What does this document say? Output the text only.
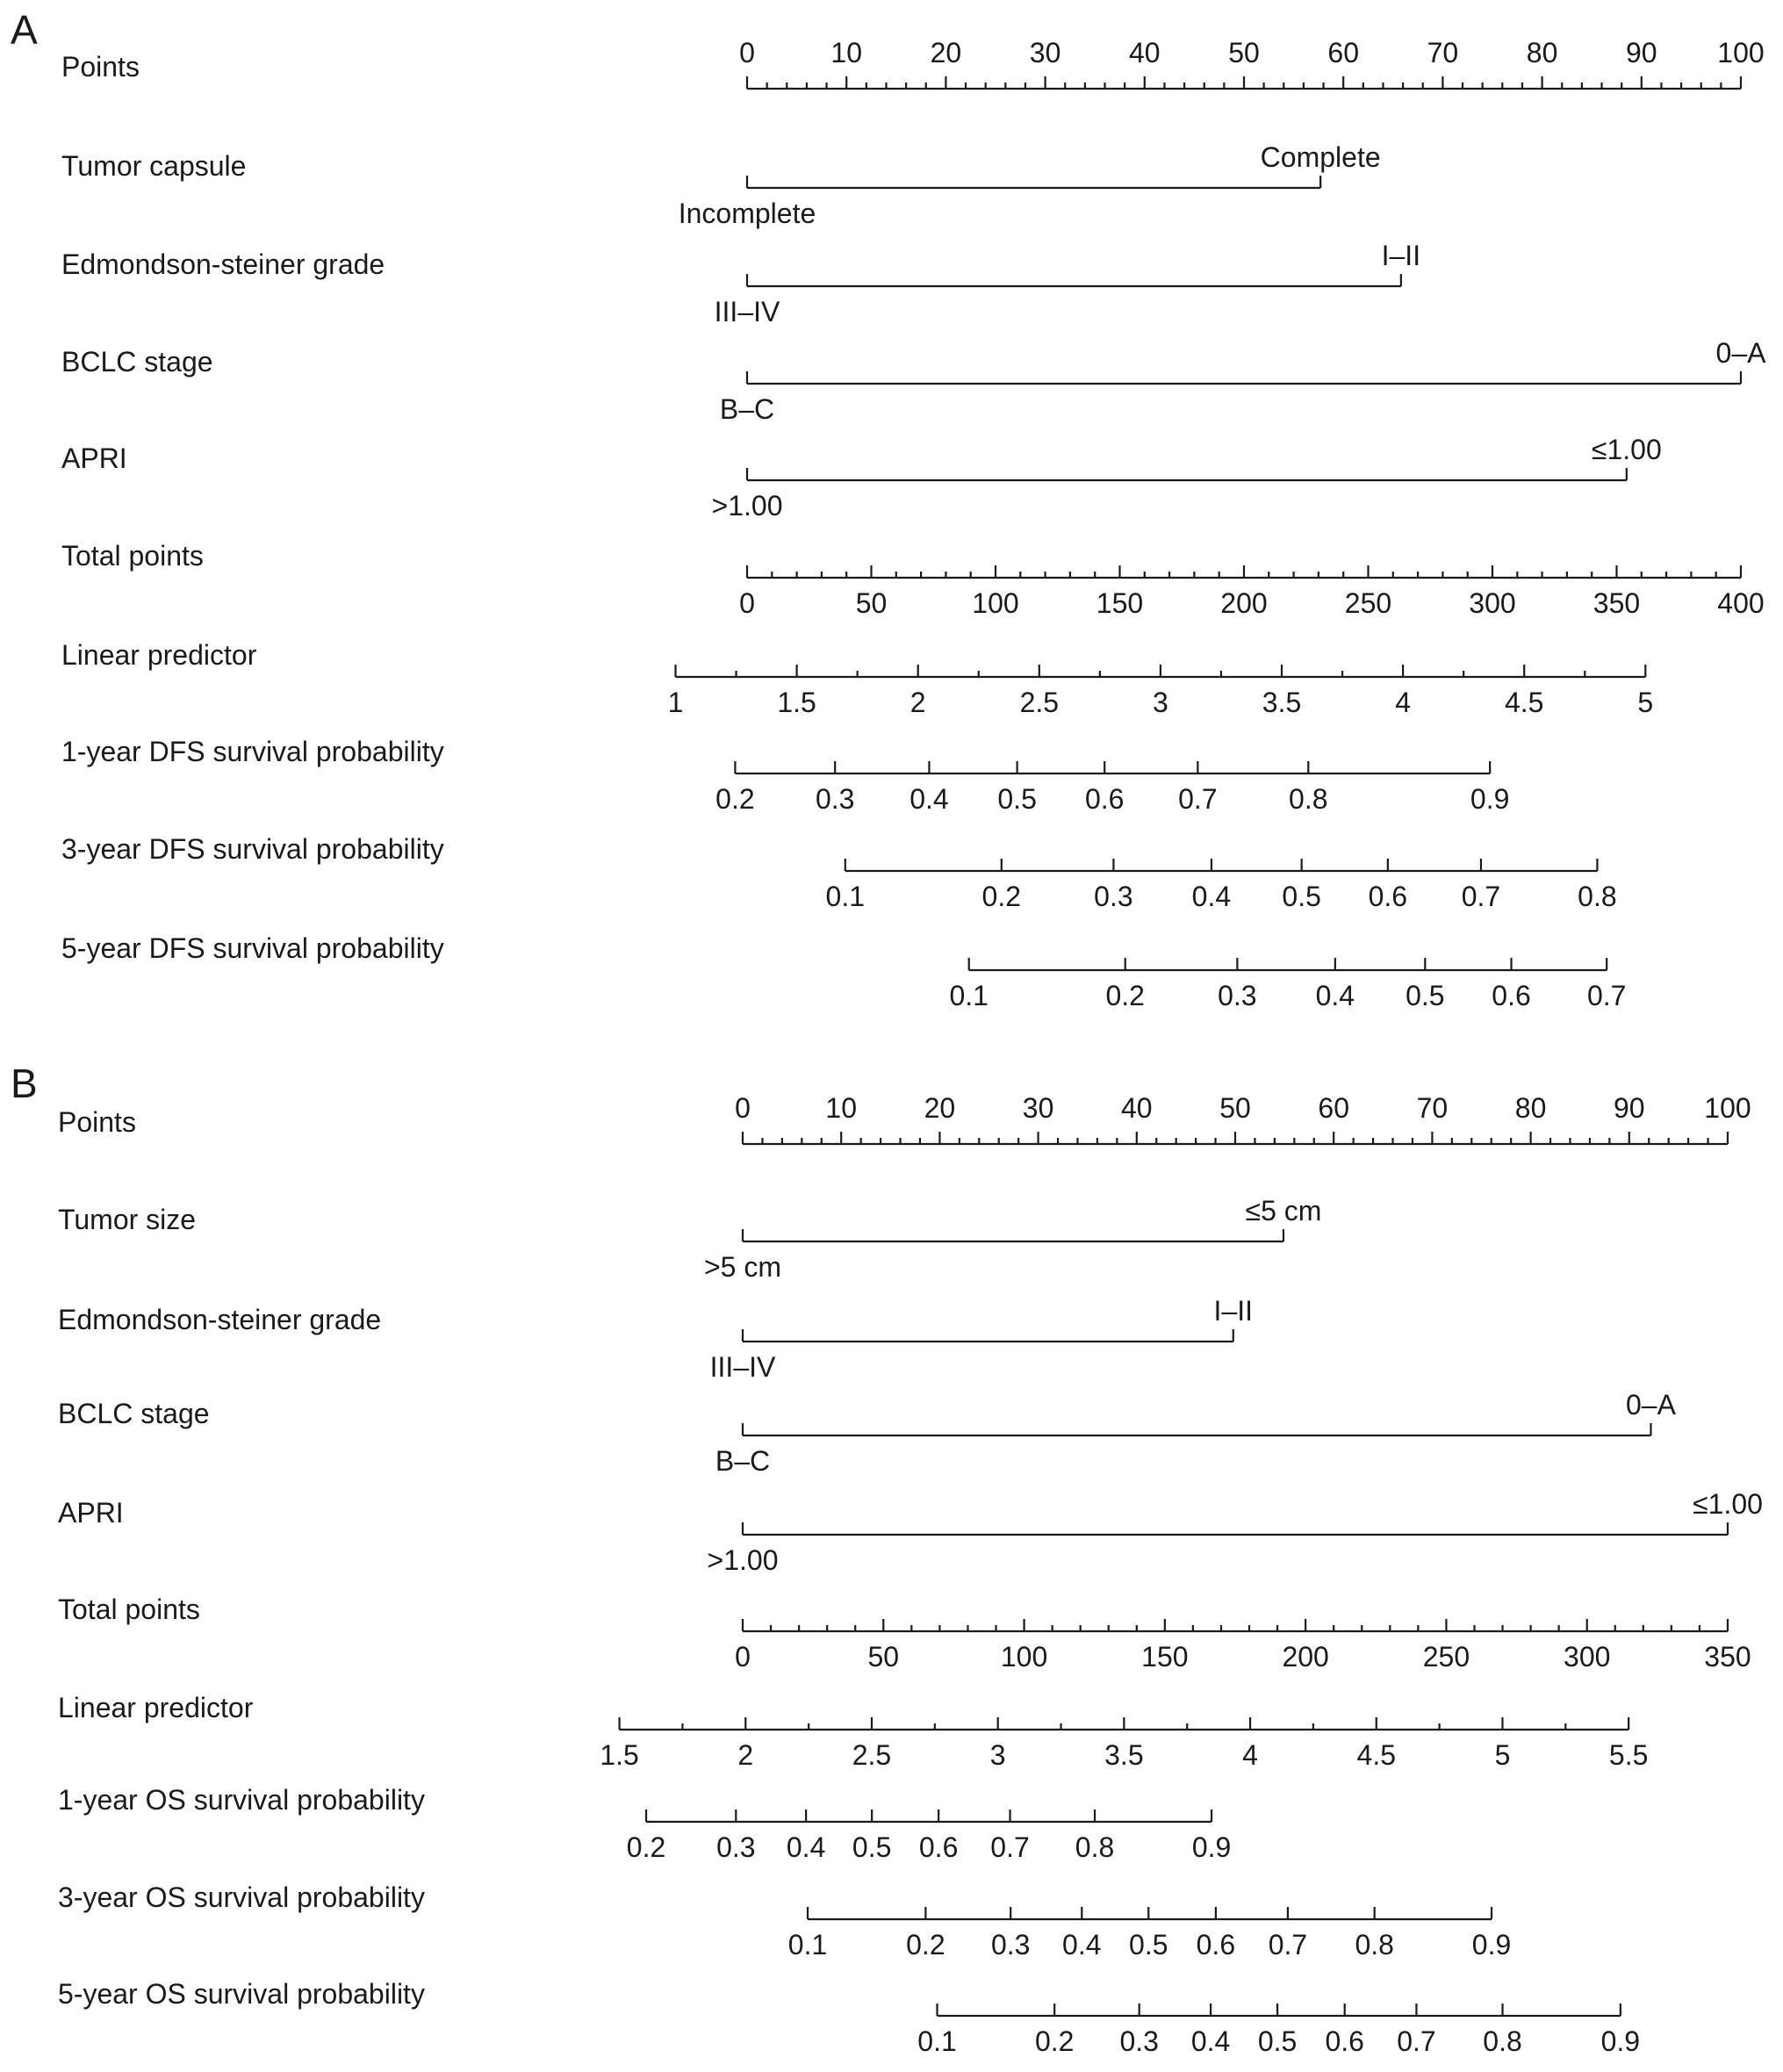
A
Points	0	10 20 30 40 50 60 70 80 90 100
Tumor capsule
Incomplete
Complete
Edmondson-steiner grade
III–IV
I–II
BCLC stage
B–C
0–A
APRI
>1.00
≤1.00
Total points
0	50	100	150	200	250	300	350	400
Linear predictor
1	1.5	2	2.5	3	3.5	4	4.5	5
1-year DFS survival probability
0.2 0.3 0.4 0.5 0.6 0.7	0.8	0.9
3-year DFS survival probability
0.1	0.2	0.3 0.4 0.5 0.6 0.7	0.8
5-year DFS survival probability
0.1	0.2	0.3 0.4 0.5 0.6 0.7
B
Points	0	10 20 30 40 50 60 70 80 90 100
Tumor size
>5 cm
≤5 cm
Edmondson-steiner grade
III–IV
I–II
BCLC stage
B–C
0–A
APRI
>1.00
≤1.00
Total points
0	50	100	150	200	250	300	350
Linear predictor
1.5	2	2.5	3	3.5	4	4.5	5	5.5
1-year OS survival probability
0.2 0.3 0.4 0.5 0.6 0.7 0.8	0.9
3-year OS survival probability
0.1	0.2 0.3 0.4 0.5 0.6 0.7 0.8	0.9
5-year OS survival probability
0.1	0.2 0.3 0.4 0.5 0.6 0.7 0.8	0.9
